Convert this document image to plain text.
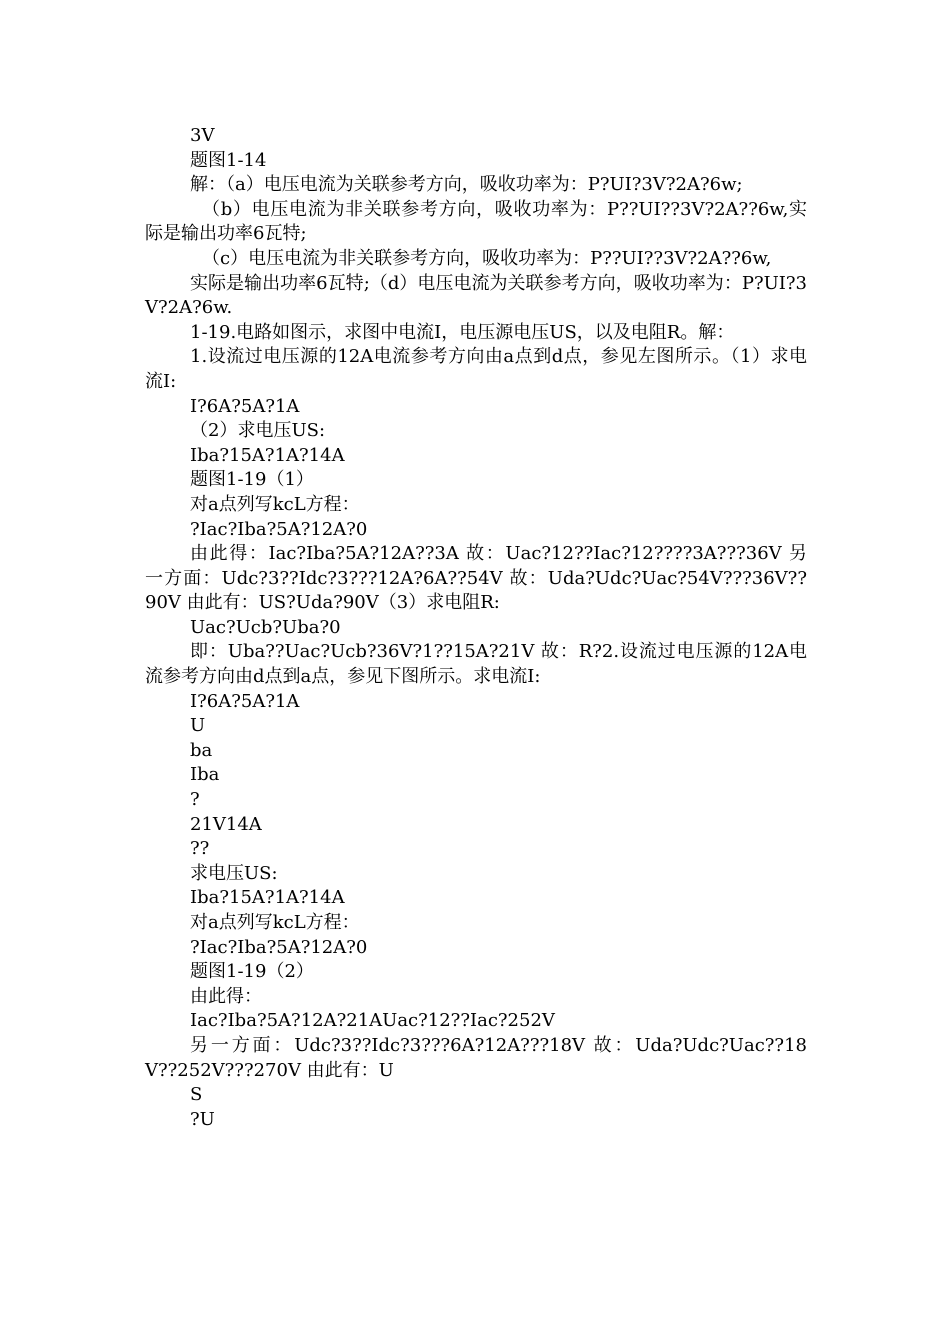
3V

题图1-14

解：（a）电压电流为关联参考方向，吸收功率为：P?UI?3V?2A?6w;

（b）电压电流为非关联参考方向，吸收功率为：P??UI??3V?2A??6w,实际是输出功率6瓦特;

（c）电压电流为非关联参考方向，吸收功率为：P??UI??3V?2A??6w,

实际是输出功率6瓦特;（d）电压电流为关联参考方向，吸收功率为：P?UI?3V?2A?6w.

1-19.电路如图示，求图中电流I，电压源电压US，以及电阻R。解：

1.设流过电压源的12A电流参考方向由a点到d点，参见左图所示。（1）求电流I:

I?6A?5A?1A

（2）求电压US:

Iba?15A?1A?14A

题图1-19（1）

对a点列写kcL方程：

?Iac?Iba?5A?12A?0

由此得：Iac?Iba?5A?12A??3A 故：Uac?12??Iac?12????3A???36V 另一方面：Udc?3??Idc?3???12A?6A??54V 故：Uda?Udc?Uac?54V???36V??90V 由此有：US?Uda?90V（3）求电阻R:

Uac?Ucb?Uba?0

即：Uba??Uac?Ucb?36V?1??15A?21V 故：R?2.设流过电压源的12A电流参考方向由d点到a点，参见下图所示。求电流I:

I?6A?5A?1A

U

ba

Iba

?

21V14A

??

求电压US:

Iba?15A?1A?14A

对a点列写kcL方程：

?Iac?Iba?5A?12A?0

题图1-19（2）

由此得：

Iac?Iba?5A?12A?21AUac?12??Iac?252V

另一方面：Udc?3??Idc?3???6A?12A???18V 故：Uda?Udc?Uac??18V??252V???270V 由此有：U

S

?U
